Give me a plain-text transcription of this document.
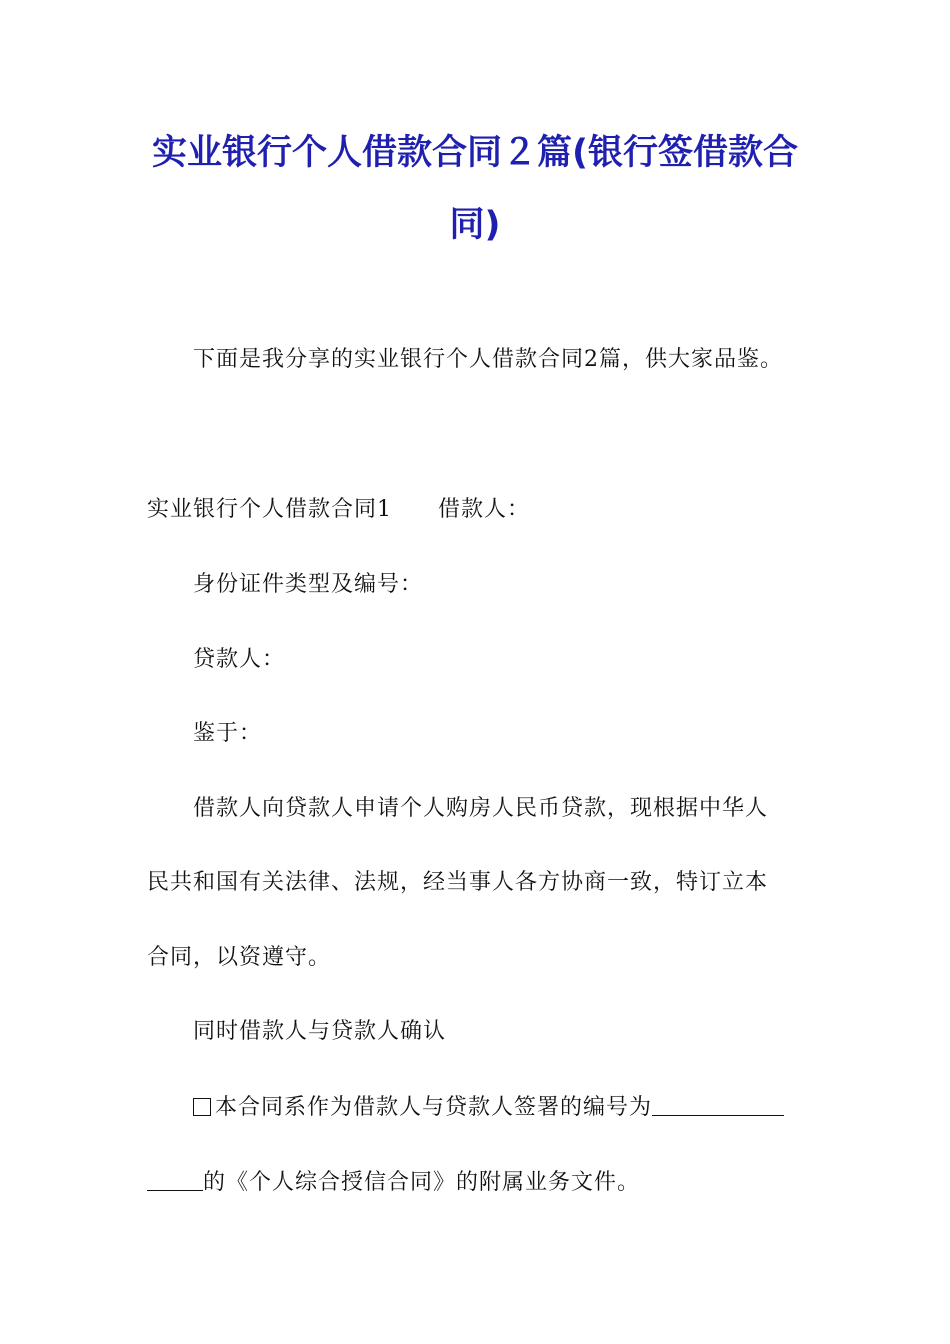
实业银行个人借款合同２篇(银行签借款合
同)
下面是我分享的实业银行个人借款合同2篇，供大家品鉴。
实业银行个人借款合同1 借款人：
身份证件类型及编号：
贷款人：
鉴于：
借款人向贷款人申请个人购房人民币贷款，现根据中华人
民共和国有关法律、法规，经当事人各方协商一致，特订立本
合同，以资遵守。
同时借款人与贷款人确认
本合同系作为借款人与贷款人签署的编号为
的《个人综合授信合同》的附属业务文件。
